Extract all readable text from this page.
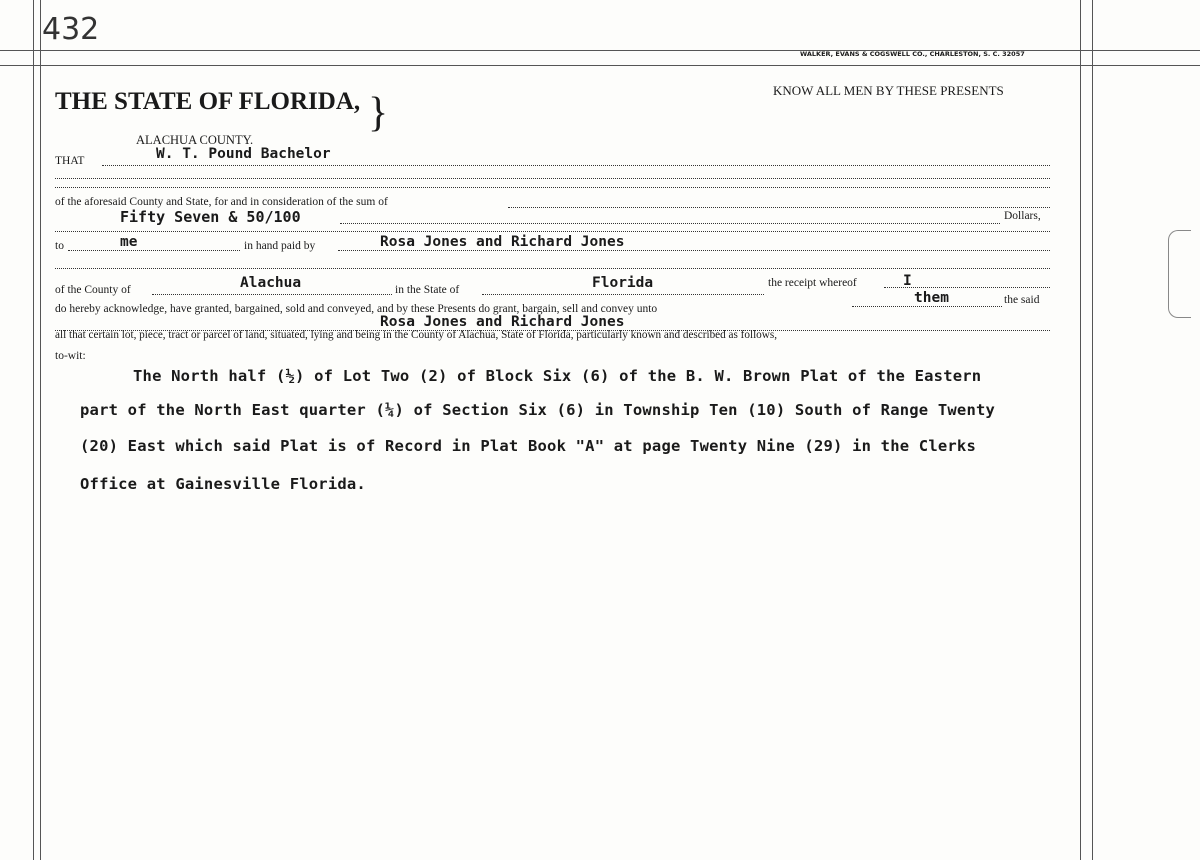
432
WALKER, EVANS & COGSWELL CO., CHARLESTON, S. C. 32057
THE STATE OF FLORIDA, }	KNOW ALL MEN BY THESE PRESENTS
ALACHUA COUNTY.
THAT	W. T. Pound Bachelor
of the aforesaid County and State, for and in consideration of the sum of
Fifty Seven & 50/100	Dollars,
to	me	in hand paid by	Rosa Jones and Richard Jones
of the County of	Alachua	in the State of	Florida	the receipt whereof	I
do hereby acknowledge, have granted, bargained, sold and conveyed, and by these Presents do grant, bargain, sell and convey unto
them	the said
Rosa Jones and Richard Jones
all that certain lot, piece, tract or parcel of land, situated, lying and being in the County of Alachua, State of Florida, particularly known and described as follows,
to-wit:
The North half (½) of Lot Two (2) of Block Six (6) of the B. W. Brown Plat of the Eastern
part of the North East quarter (¼) of Section Six (6) in Township Ten (10) South of Range Twenty
(20) East which said Plat is of Record in Plat Book "A" at page Twenty Nine (29) in the Clerks
Office at Gainesville Florida.
